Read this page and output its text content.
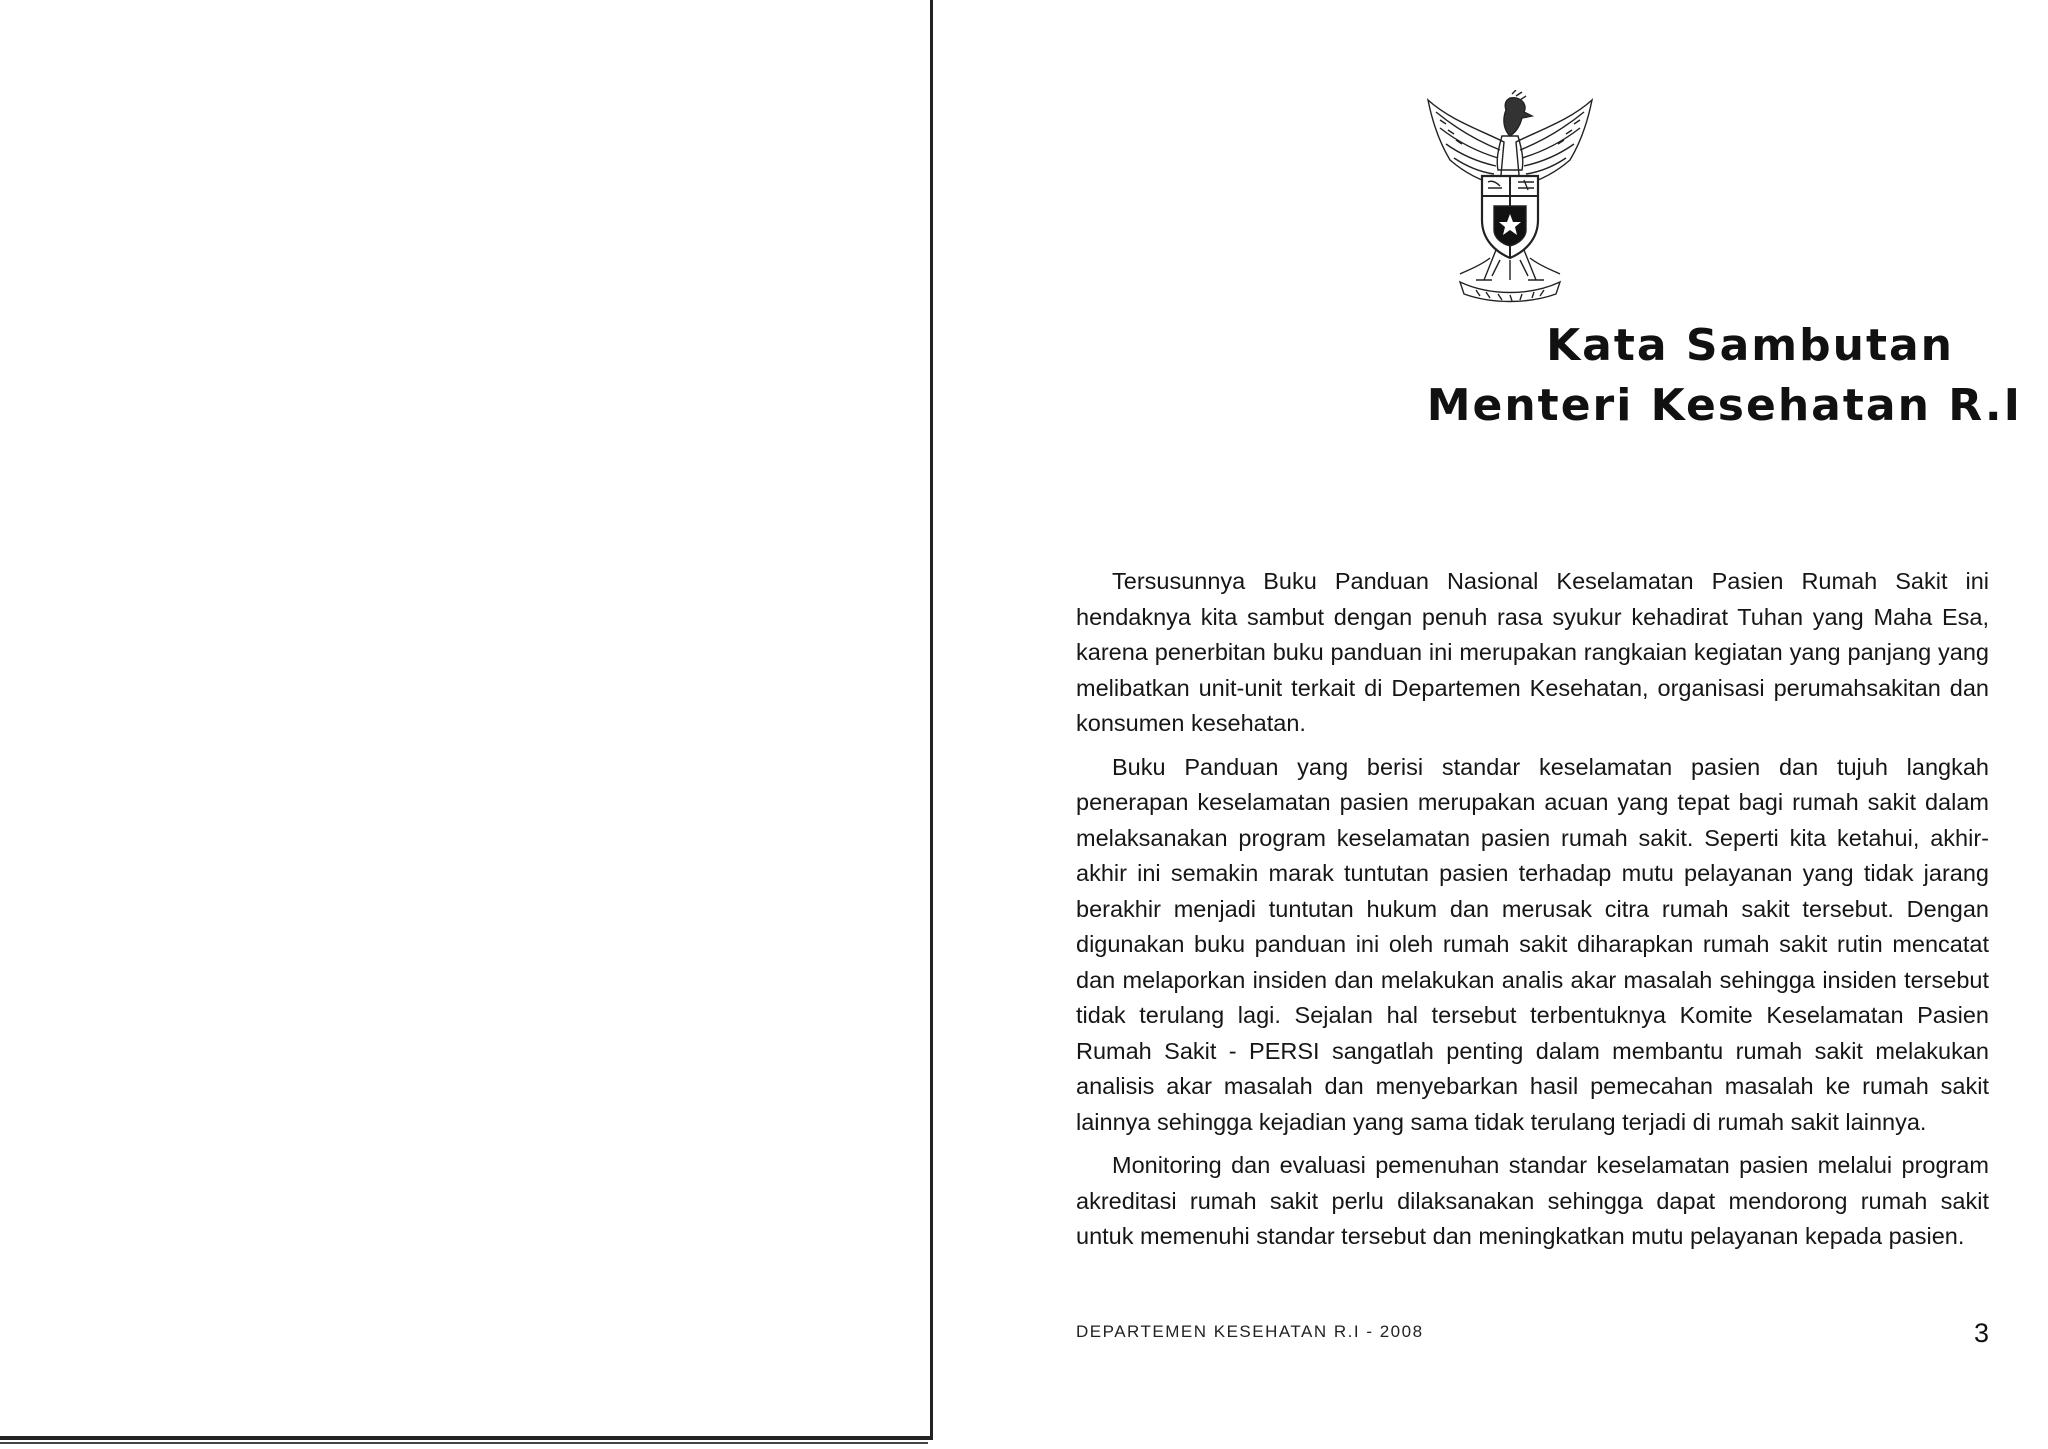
Kata Sambutan
Menteri Kesehatan R.I

Tersusunnya Buku Panduan Nasional Keselamatan Pasien Rumah Sakit ini hendaknya kita sambut dengan penuh rasa syukur kehadirat Tuhan yang Maha Esa, karena penerbitan buku panduan ini merupakan rangkaian kegiatan yang panjang yang melibatkan unit-unit terkait di Departemen Kesehatan, organisasi perumahsakitan dan konsumen kesehatan.

Buku Panduan yang berisi standar keselamatan pasien dan tujuh langkah penerapan keselamatan pasien merupakan acuan yang tepat bagi rumah sakit dalam melaksanakan program keselamatan pasien rumah sakit. Seperti kita ketahui, akhir-akhir ini semakin marak tuntutan pasien terhadap mutu pelayanan yang tidak jarang berakhir menjadi tuntutan hukum dan merusak citra rumah sakit tersebut. Dengan digunakan buku panduan ini oleh rumah sakit diharapkan rumah sakit rutin mencatat dan melaporkan insiden dan melakukan analis akar masalah sehingga insiden tersebut tidak terulang lagi. Sejalan hal tersebut terbentuknya Komite Keselamatan Pasien Rumah Sakit - PERSI sangatlah penting dalam membantu rumah sakit melakukan analisis akar masalah dan menyebarkan hasil pemecahan masalah ke rumah sakit lainnya sehingga kejadian yang sama tidak terulang terjadi di rumah sakit lainnya.

Monitoring dan evaluasi pemenuhan standar keselamatan pasien melalui program akreditasi rumah sakit perlu dilaksanakan sehingga dapat mendorong rumah sakit untuk memenuhi standar tersebut dan meningkatkan mutu pelayanan kepada pasien.

DEPARTEMEN KESEHATAN R.I - 2008	3
